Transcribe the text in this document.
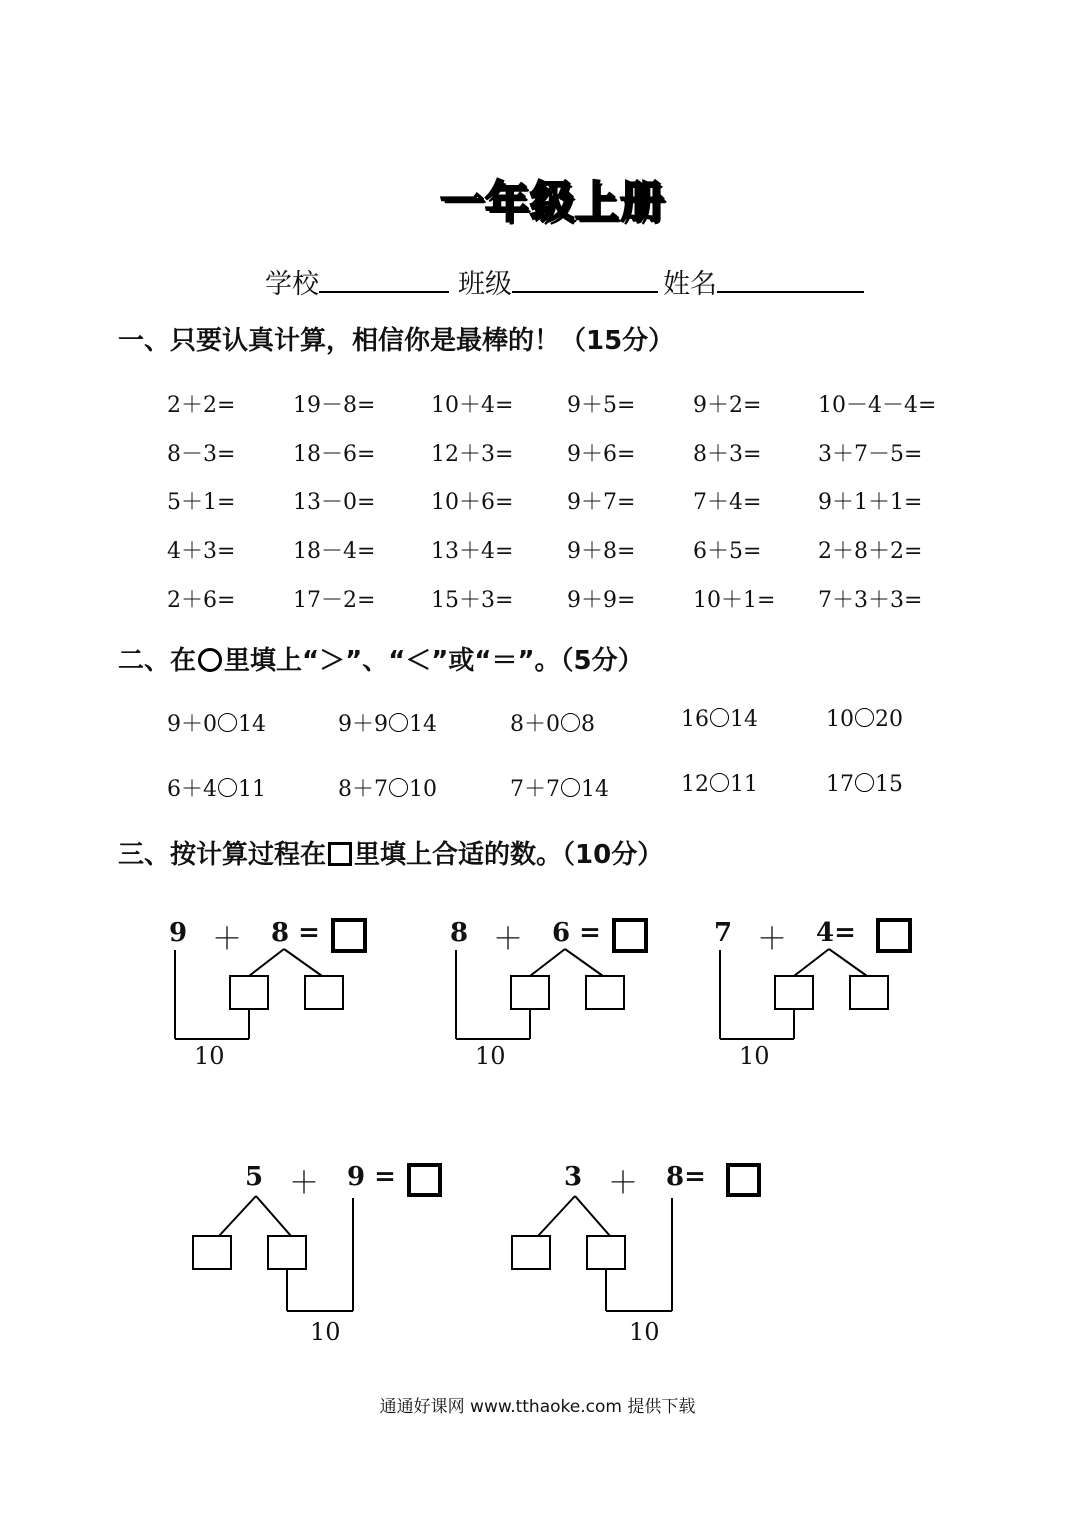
一年级上册
学校	班级	姓名
一、只要认真计算，相信你是最棒的！（15分）
2＋2=	19－8=	10＋4= 9＋5=	9＋2=	10－4－4=
8－3=	18－6=	12＋3= 9＋6=	8＋3=	3＋7－5=
5＋1=	13－0=	10＋6= 9＋7=	7＋4=	9＋1＋1=
4＋3=	18－4=	13＋4= 9＋8=	6＋5=	2＋8＋2=
2＋6=	17－2=	15＋3= 9＋9=	10＋1= 7＋3＋3=
二、在 里填上“＞”、“＜”或“＝”。（5分）
9＋0 14	9＋9 14	8＋0 8	16 14	10 20
6＋4 11	8＋7 10	7＋7 14	12 11	17 15
三、按计算过程在 里填上合适的数。（10分）
9 ＋ 8 =
10
8 ＋ 6 =
10
7 ＋ 4=
10
5 ＋ 9 =
10
3 ＋ 8=
10
通通好课网 www.tthaoke.com 提供下载
